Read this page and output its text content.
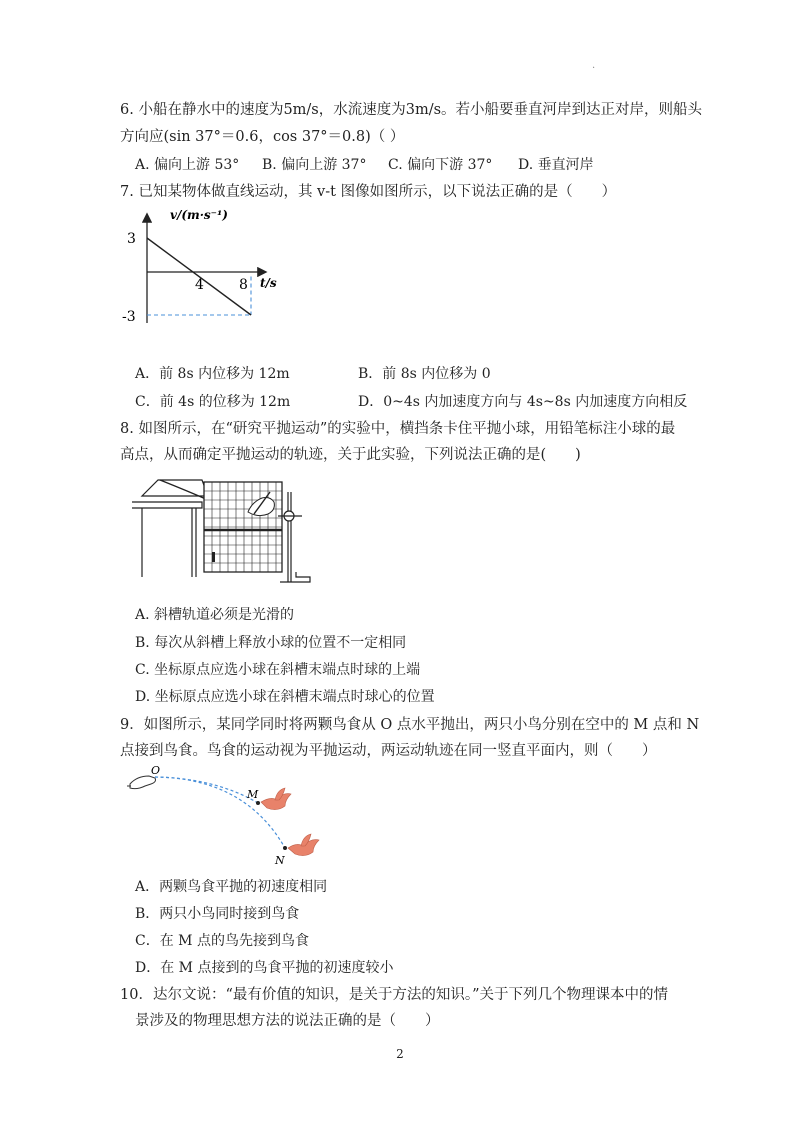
.
6. 小船在静水中的速度为5m/s，水流速度为3m/s。若小船要垂直河岸到达正对岸，则船头
方向应(sin 37°＝0.6，cos 37°＝0.8)（ ）
A. 偏向上游 53° B. 偏向上游 37° C. 偏向下游 37° D. 垂直河岸
7. 已知某物体做直线运动，其 v-t 图像如图所示，以下说法正确的是（　　）
v/(m·s⁻¹)
t/s
3
-3
4	8
A．前 8s 内位移为 12m	B．前 8s 内位移为 0
C．前 4s 的位移为 12m	D．0~4s 内加速度方向与 4s~8s 内加速度方向相反
8. 如图所示，在“研究平抛运动”的实验中，横挡条卡住平抛小球，用铅笔标注小球的最
高点，从而确定平抛运动的轨迹，关于此实验，下列说法正确的是(　　)
A. 斜槽轨道必须是光滑的
B. 每次从斜槽上释放小球的位置不一定相同
C. 坐标原点应选小球在斜槽末端点时球的上端
D. 坐标原点应选小球在斜槽末端点时球心的位置
9．如图所示，某同学同时将两颗鸟食从 O 点水平抛出，两只小鸟分别在空中的 M 点和 N
点接到鸟食。鸟食的运动视为平抛运动，两运动轨迹在同一竖直平面内，则（　　）
O
M
N
A．两颗鸟食平抛的初速度相同
B．两只小鸟同时接到鸟食
C．在 M 点的鸟先接到鸟食
D．在 M 点接到的鸟食平抛的初速度较小
10．达尔文说：“最有价值的知识，是关于方法的知识。”关于下列几个物理课本中的情
景涉及的物理思想方法的说法正确的是（　　）
2
